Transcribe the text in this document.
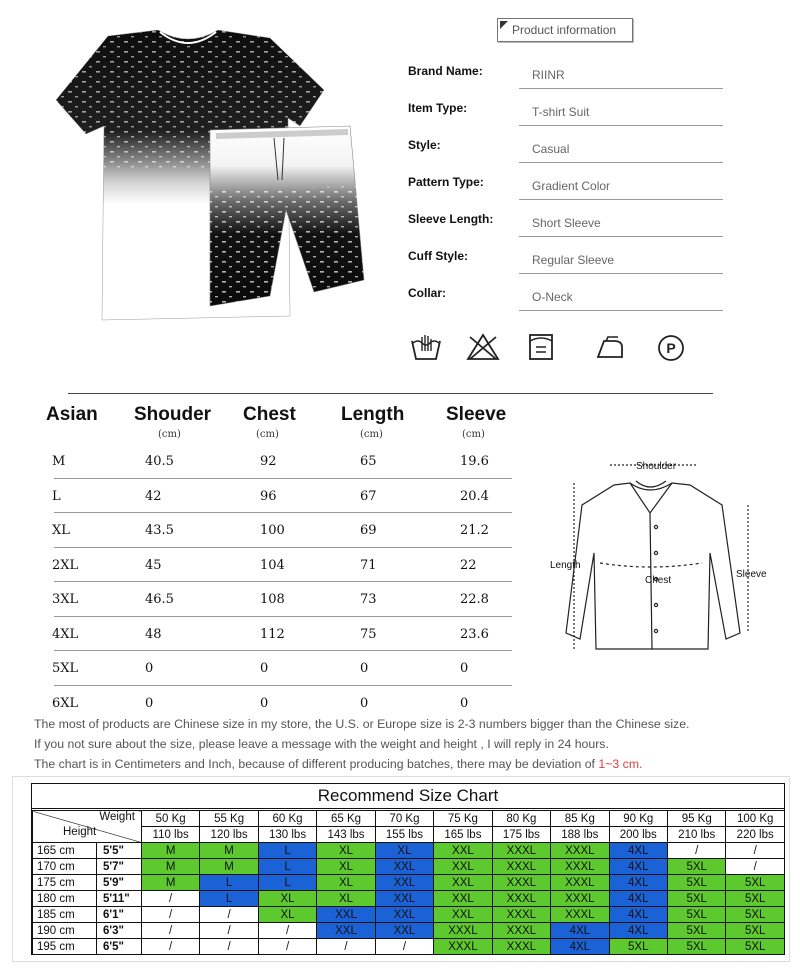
Product information
Brand Name:	RIINR
Item Type:	T-shirt Suit
Style:	Casual
Pattern Type:	Gradient Color
Sleeve Length:	Short Sleeve
Cuff Style:	Regular Sleeve
Collar:	O-Neck
P
Asian Shouder Chest Length Sleeve
(cm)	(cm)	(cm)	(cm)
M	40.5	92	65	19.6
L	42	96	67	20.4
XL	43.5	100	69	21.2
2XL	45	104	71	22
3XL	46.5	108	73	22.8
4XL	48	112	75	23.6
5XL	0	0	0	0
6XL	0	0	0	0
Shoulder
Length
Chest
Sleeve
The most of products are Chinese size in my store, the U.S. or Europe size is 2-3 numbers bigger than the Chinese size.
If you not sure about the size, please leave a message with the weight and height , I will reply in 24 hours.
The chart is in Centimeters and Inch, because of different producing batches, there may be deviation of 1~3 cm.
Recommend Size Chart
Weight
Height		50 Kg	55 Kg	60 Kg	65 Kg	70 Kg	75 Kg	80 Kg	85 Kg	90 Kg	95 Kg	100 Kg
		110 lbs	120 lbs	130 lbs	143 lbs	155 lbs	165 lbs	175 lbs	188 lbs	200 lbs	210 lbs	220 lbs
165 cm	5'5"	M	M	L	XL	XL	XXL	XXXL	XXXL	4XL	/	/
170 cm	5'7"	M	M	L	XL	XXL	XXL	XXXL	XXXL	4XL	5XL	/
175 cm	5'9"	M	L	L	XL	XXL	XXL	XXXL	XXXL	4XL	5XL	5XL
180 cm	5'11"	/	L	XL	XL	XXL	XXL	XXXL	XXXL	4XL	5XL	5XL
185 cm	6'1"	/	/	XL	XXL	XXL	XXL	XXXL	XXXL	4XL	5XL	5XL
190 cm	6'3"	/	/	/	XXL	XXL	XXXL	XXXL	4XL	4XL	5XL	5XL
195 cm	6'5"	/	/	/	/	/	XXXL	XXXL	4XL	5XL	5XL	5XL
